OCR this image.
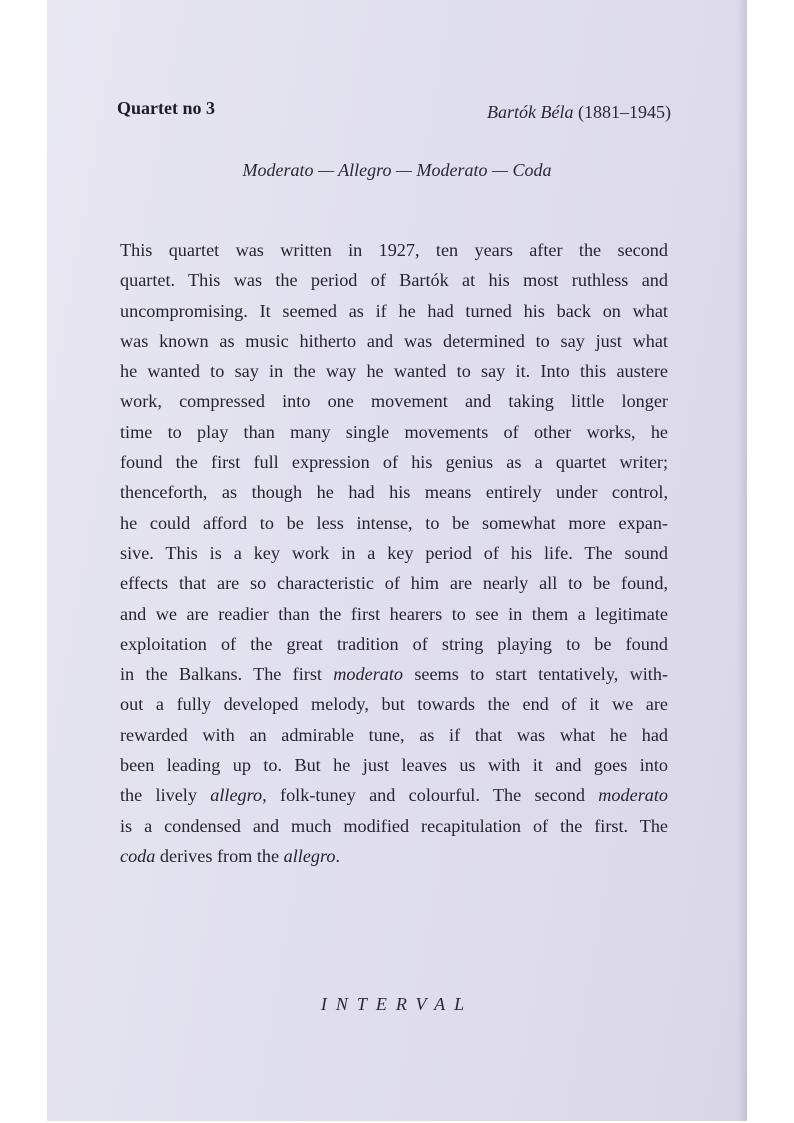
Quartet no 3	Bartók Béla (1881–1945)
Moderato — Allegro — Moderato — Coda
This quartet was written in 1927, ten years after the second
quartet. This was the period of Bartók at his most ruthless and
uncompromising. It seemed as if he had turned his back on what
was known as music hitherto and was determined to say just what
he wanted to say in the way he wanted to say it. Into this austere
work, compressed into one movement and taking little longer
time to play than many single movements of other works, he
found the first full expression of his genius as a quartet writer;
thenceforth, as though he had his means entirely under control,
he could afford to be less intense, to be somewhat more expan-
sive. This is a key work in a key period of his life. The sound
effects that are so characteristic of him are nearly all to be found,
and we are readier than the first hearers to see in them a legitimate
exploitation of the great tradition of string playing to be found
in the Balkans. The first moderato seems to start tentatively, with-
out a fully developed melody, but towards the end of it we are
rewarded with an admirable tune, as if that was what he had
been leading up to. But he just leaves us with it and goes into
the lively allegro, folk-tuney and colourful. The second moderato
is a condensed and much modified recapitulation of the first. The
coda derives from the allegro.
INTERVAL
